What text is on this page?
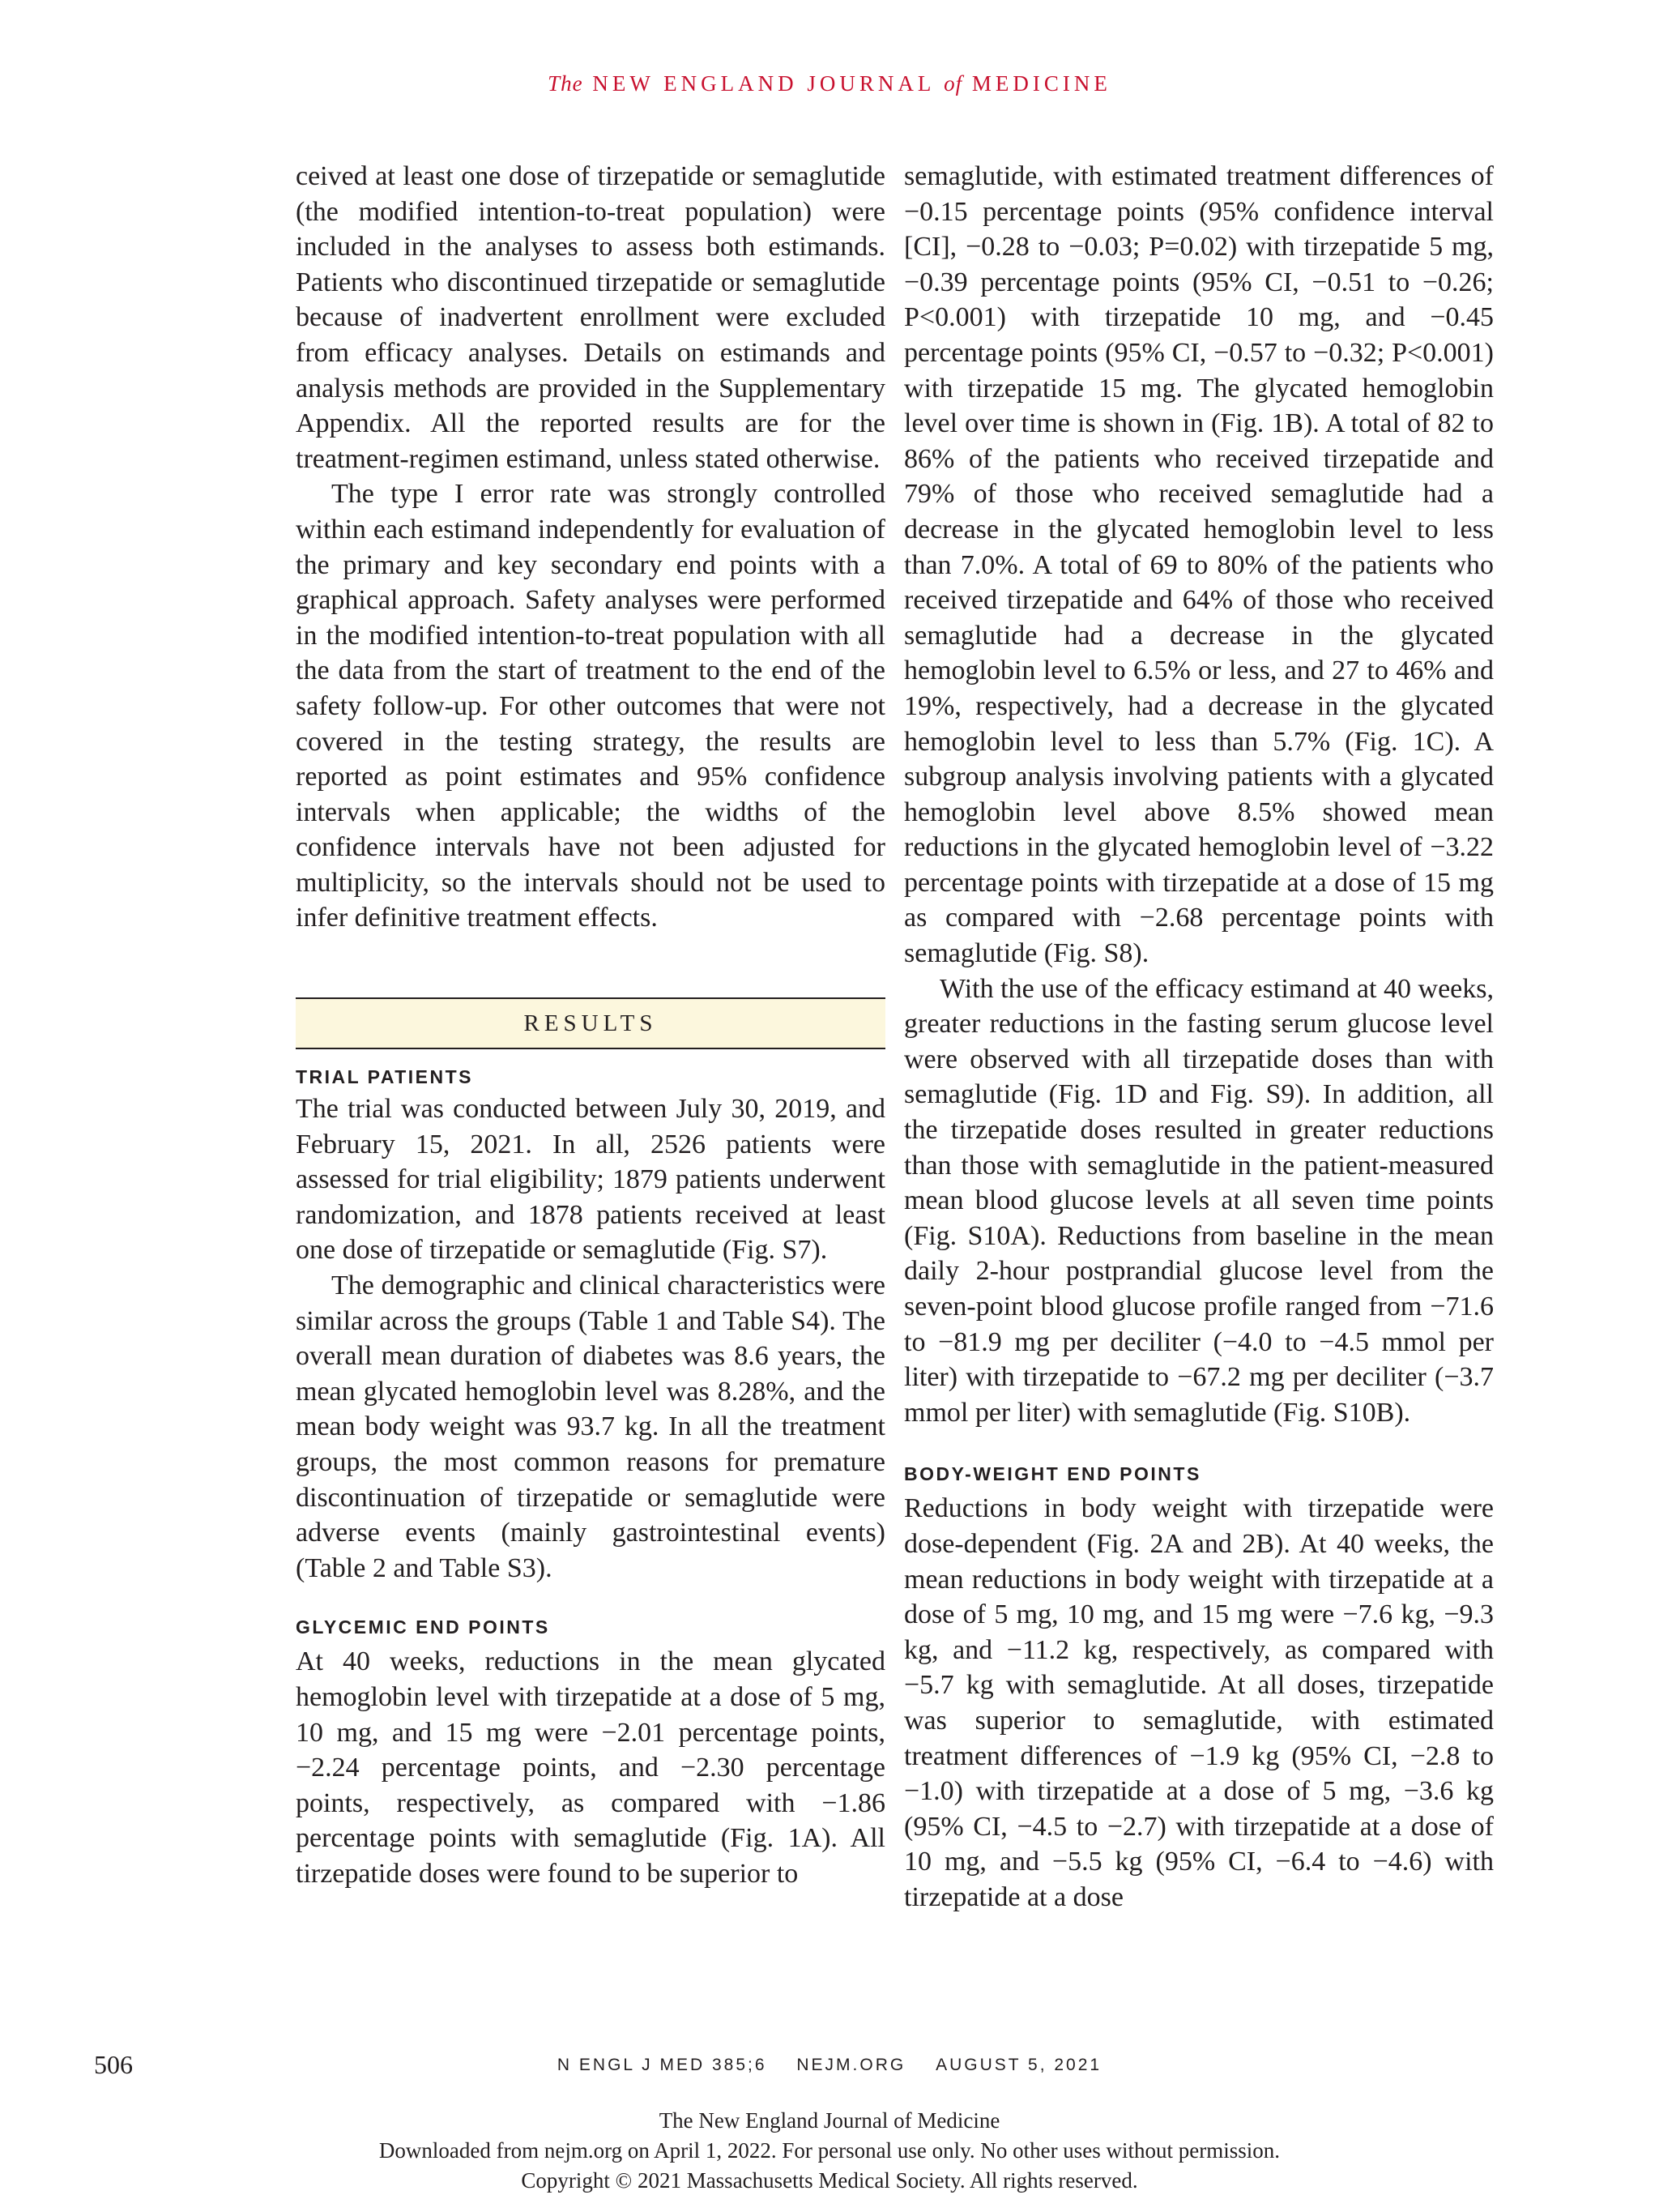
The NEW ENGLAND JOURNAL of MEDICINE

ceived at least one dose of tirzepatide or semaglutide (the modified intention-to-treat population) were included in the analyses to assess both estimands. Patients who discontinued tirzepatide or semaglutide because of inadvertent enrollment were excluded from efficacy analyses. Details on estimands and analysis methods are provided in the Supplementary Appendix. All the reported results are for the treatment-regimen estimand, unless stated otherwise.

The type I error rate was strongly controlled within each estimand independently for evaluation of the primary and key secondary end points with a graphical approach. Safety analyses were performed in the modified intention-to-treat population with all the data from the start of treatment to the end of the safety follow-up. For other outcomes that were not covered in the testing strategy, the results are reported as point estimates and 95% confidence intervals when applicable; the widths of the confidence intervals have not been adjusted for multiplicity, so the intervals should not be used to infer definitive treatment effects.

RESULTS
TRIAL PATIENTS

The trial was conducted between July 30, 2019, and February 15, 2021. In all, 2526 patients were assessed for trial eligibility; 1879 patients underwent randomization, and 1878 patients received at least one dose of tirzepatide or semaglutide (Fig. S7).

The demographic and clinical characteristics were similar across the groups (Table 1 and Table S4). The overall mean duration of diabetes was 8.6 years, the mean glycated hemoglobin level was 8.28%, and the mean body weight was 93.7 kg. In all the treatment groups, the most common reasons for premature discontinuation of tirzepatide or semaglutide were adverse events (mainly gastrointestinal events) (Table 2 and Table S3).

GLYCEMIC END POINTS

At 40 weeks, reductions in the mean glycated hemoglobin level with tirzepatide at a dose of 5 mg, 10 mg, and 15 mg were −2.01 percentage points, −2.24 percentage points, and −2.30 percentage points, respectively, as compared with −1.86 percentage points with semaglutide (Fig. 1A). All tirzepatide doses were found to be superior to

semaglutide, with estimated treatment differences of −0.15 percentage points (95% confidence interval [CI], −0.28 to −0.03; P=0.02) with tirzepatide 5 mg, −0.39 percentage points (95% CI, −0.51 to −0.26; P<0.001) with tirzepatide 10 mg, and −0.45 percentage points (95% CI, −0.57 to −0.32; P<0.001) with tirzepatide 15 mg. The glycated hemoglobin level over time is shown in (Fig. 1B). A total of 82 to 86% of the patients who received tirzepatide and 79% of those who received semaglutide had a decrease in the glycated hemoglobin level to less than 7.0%. A total of 69 to 80% of the patients who received tirzepatide and 64% of those who received semaglutide had a decrease in the glycated hemoglobin level to 6.5% or less, and 27 to 46% and 19%, respectively, had a decrease in the glycated hemoglobin level to less than 5.7% (Fig. 1C). A subgroup analysis involving patients with a glycated hemoglobin level above 8.5% showed mean reductions in the glycated hemoglobin level of −3.22 percentage points with tirzepatide at a dose of 15 mg as compared with −2.68 percentage points with semaglutide (Fig. S8).

With the use of the efficacy estimand at 40 weeks, greater reductions in the fasting serum glucose level were observed with all tirzepatide doses than with semaglutide (Fig. 1D and Fig. S9). In addition, all the tirzepatide doses resulted in greater reductions than those with semaglutide in the patient-measured mean blood glucose levels at all seven time points (Fig. S10A). Reductions from baseline in the mean daily 2-hour postprandial glucose level from the seven-point blood glucose profile ranged from −71.6 to −81.9 mg per deciliter (−4.0 to −4.5 mmol per liter) with tirzepatide to −67.2 mg per deciliter (−3.7 mmol per liter) with semaglutide (Fig. S10B).

BODY-WEIGHT END POINTS

Reductions in body weight with tirzepatide were dose-dependent (Fig. 2A and 2B). At 40 weeks, the mean reductions in body weight with tirzepatide at a dose of 5 mg, 10 mg, and 15 mg were −7.6 kg, −9.3 kg, and −11.2 kg, respectively, as compared with −5.7 kg with semaglutide. At all doses, tirzepatide was superior to semaglutide, with estimated treatment differences of −1.9 kg (95% CI, −2.8 to −1.0) with tirzepatide at a dose of 5 mg, −3.6 kg (95% CI, −4.5 to −2.7) with tirzepatide at a dose of 10 mg, and −5.5 kg (95% CI, −6.4 to −4.6) with tirzepatide at a dose

506	N ENGL J MED 385;6 NEJM.ORG AUGUST 5, 2021
The New England Journal of Medicine
Downloaded from nejm.org on April 1, 2022. For personal use only. No other uses without permission.
Copyright © 2021 Massachusetts Medical Society. All rights reserved.
